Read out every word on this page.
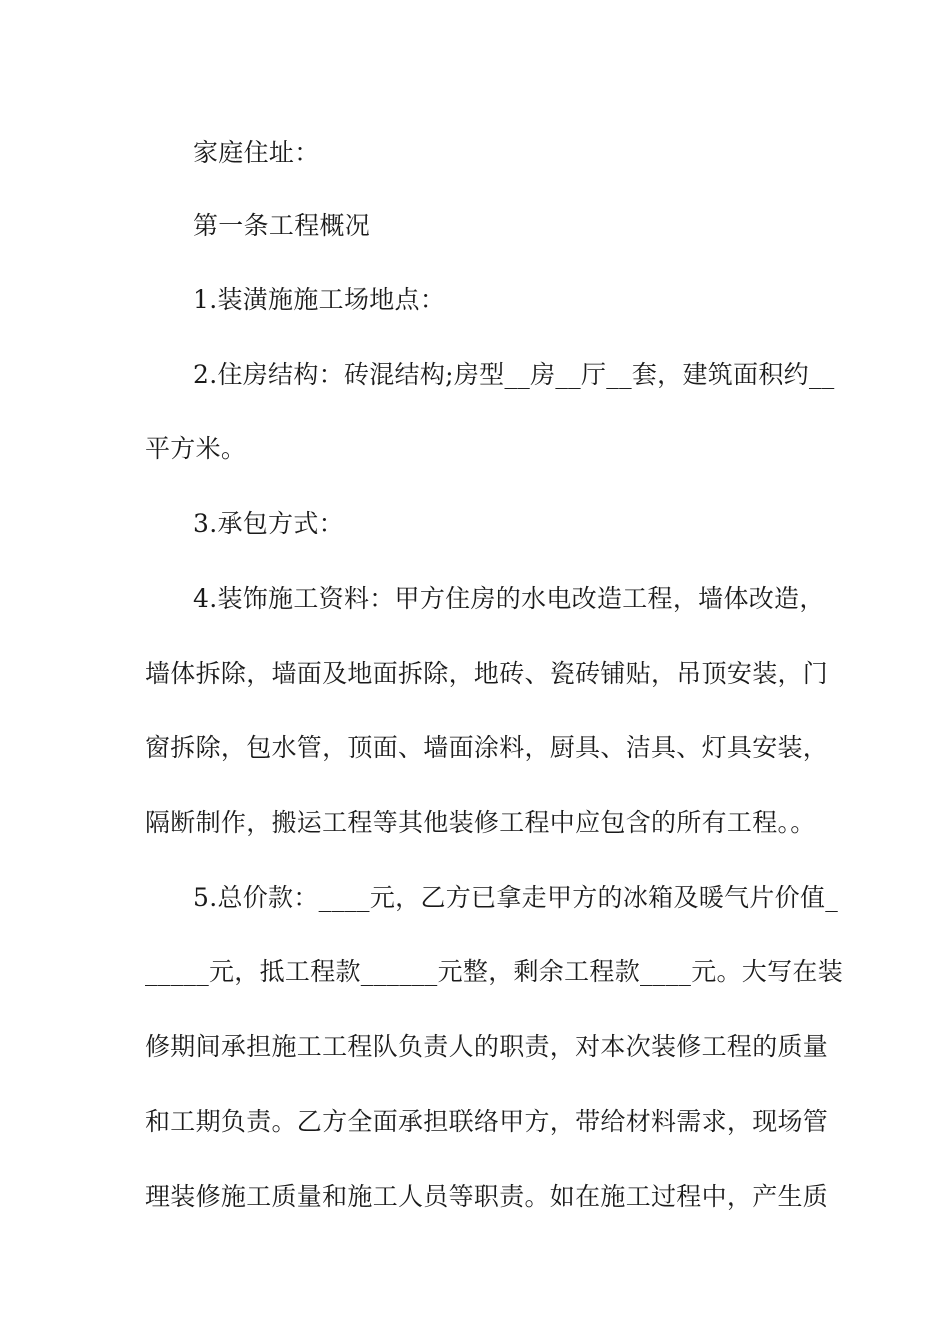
家庭住址：
第一条工程概况
1.装潢施施工场地点：
2.住房结构：砖混结构;房型__房__厅__套，建筑面积约__
平方米。
3.承包方式：
4.装饰施工资料：甲方住房的水电改造工程，墙体改造，
墙体拆除，墙面及地面拆除，地砖、瓷砖铺贴，吊顶安装，门
窗拆除，包水管，顶面、墙面涂料，厨具、洁具、灯具安装，
隔断制作，搬运工程等其他装修工程中应包含的所有工程。。
5.总价款：____元，乙方已拿走甲方的冰箱及暖气片价值_
_____元，抵工程款______元整，剩余工程款____元。大写在装
修期间承担施工工程队负责人的职责，对本次装修工程的质量
和工期负责。乙方全面承担联络甲方，带给材料需求，现场管
理装修施工质量和施工人员等职责。如在施工过程中，产生质
